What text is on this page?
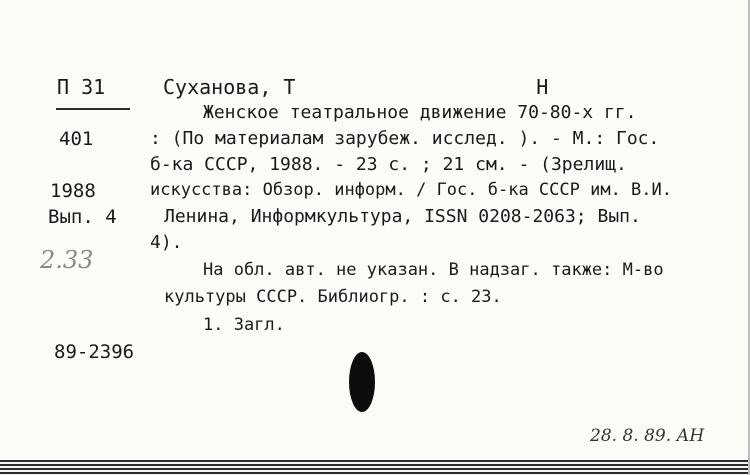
П 31
401
1988
Вып. 4
2.33
89-2396
Суханова, Т                    Н
Женское театральное движение 70-80-х гг.
: (По материалам зарубеж. исслед. ). - М.: Гос.
б-ка СССР, 1988. - 23 с. ; 21 см. - (Зрелищ.
искусства: Обзор. информ. / Гос. б-ка СССР им. В.И.
Ленина, Информкультура, ISSN 0208-2063; Вып.
4).
На обл. авт. не указан. В надзаг. также: М-во
культуры СССР. Библиогр. : с. 23.
1. Загл.
28. 8. 89. АН
